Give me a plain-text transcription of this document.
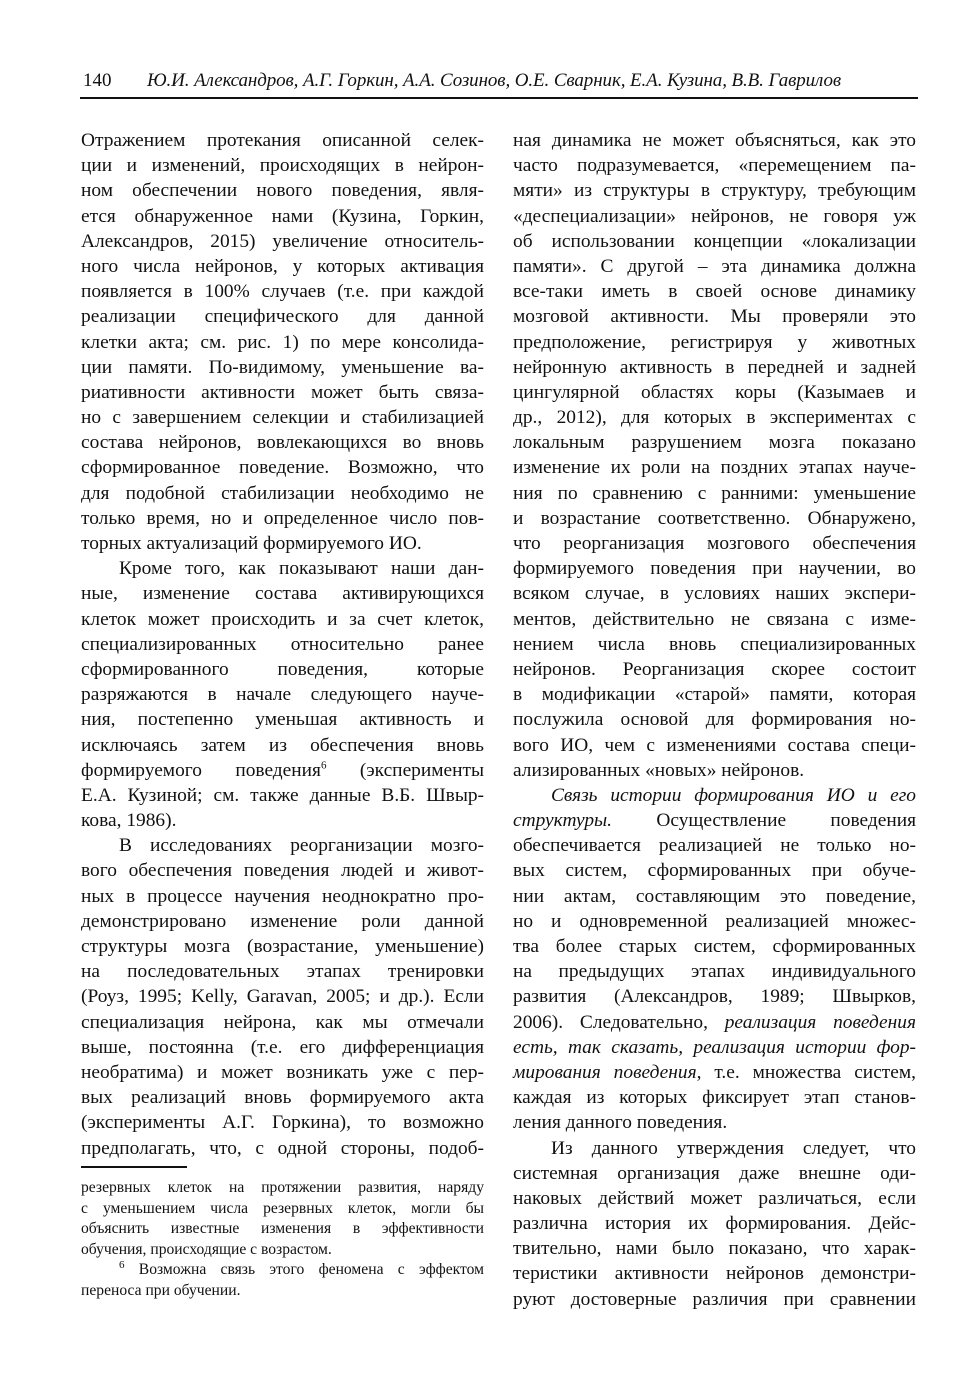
140 Ю.И. Александров, А.Г. Горкин, А.А. Созинов, О.Е. Сварник, Е.А. Кузина, В.В. Гаврилов
Отражением протекания описанной селек-
ции и изменений, происходящих в нейрон-
ном обеспечении нового поведения, явля-
ется обнаруженное нами (Кузина, Горкин,
Александров, 2015) увеличение относитель-
ного числа нейронов, у которых активация
появляется в 100% случаев (т.е. при каждой
реализации специфического для данной
клетки акта; см. рис. 1) по мере консолида-
ции памяти. По-видимому, уменьшение ва-
риативности активности может быть связа-
но с завершением селекции и стабилизацией
состава нейронов, вовлекающихся во вновь
сформированное поведение. Возможно, что
для подобной стабилизации необходимо не
только время, но и определенное число пов-
торных актуализаций формируемого ИО.
Кроме того, как показывают наши дан-
ные, изменение состава активирующихся
клеток может происходить и за счет клеток,
специализированных относительно ранее
сформированного поведения, которые
разряжаются в начале следующего науче-
ния, постепенно уменьшая активность и
исключаясь затем из обеспечения вновь
формируемого поведения$^6$ (эксперименты
Е.А. Кузиной; см. также данные В.Б. Швыр-
кова, 1986).
В исследованиях реорганизации мозго-
вого обеспечения поведения людей и живот-
ных в процессе научения неоднократно про-
демонстрировано изменение роли данной
структуры мозга (возрастание, уменьшение)
на последовательных этапах тренировки
(Роуз, 1995; Kelly, Garavan, 2005; и др.). Если
специализация нейрона, как мы отмечали
выше, постоянна (т.е. его дифференциация
необратима) и может возникать уже с пер-
вых реализаций вновь формируемого акта
(эксперименты А.Г. Горкина), то возможно
предполагать, что, с одной стороны, подоб-
ная динамика не может объясняться, как это
часто подразумевается, «перемещением па-
мяти» из структуры в структуру, требующим
«деспециализации» нейронов, не говоря уж
об использовании концепции «локализации
памяти». С другой – эта динамика должна
все-таки иметь в своей основе динамику
мозговой активности. Мы проверяли это
предположение, регистрируя у животных
нейронную активность в передней и задней
цингулярной областях коры (Казымаев и
др., 2012), для которых в экспериментах с
локальным разрушением мозга показано
изменение их роли на поздних этапах науче-
ния по сравнению с ранними: уменьшение
и возрастание соответственно. Обнаружено,
что реорганизация мозгового обеспечения
формируемого поведения при научении, во
всяком случае, в условиях наших экспери-
ментов, действительно не связана с изме-
нением числа вновь специализированных
нейронов. Реорганизация скорее состоит
в модификации «старой» памяти, которая
послужила основой для формирования но-
вого ИО, чем с изменениями состава специ-
ализированных «новых» нейронов.
Связь истории формирования ИО и его
структуры. Осуществление поведения
обеспечивается реализацией не только но-
вых систем, сформированных при обуче-
нии актам, составляющим это поведение,
но и одновременной реализацией множес-
тва более старых систем, сформированных
на предыдущих этапах индивидуального
развития (Александров, 1989; Швырков,
2006). Следовательно, реализация поведения
есть, так сказать, реализация истории фор-
мирования поведения, т.е. множества систем,
каждая из которых фиксирует этап станов-
ления данного поведения.
Из данного утверждения следует, что
системная организация даже внешне оди-
наковых действий может различаться, если
различна история их формирования. Дейс-
твительно, нами было показано, что харак-
теристики активности нейронов демонстри-
руют достоверные различия при сравнении
резервных клеток на протяжении развития, наряду
с уменьшением числа резервных клеток, могли бы
объяснить известные изменения в эффективности
обучения, происходящие с возрастом.
$^6$ Возможна связь этого феномена с эффектом
переноса при обучении.
